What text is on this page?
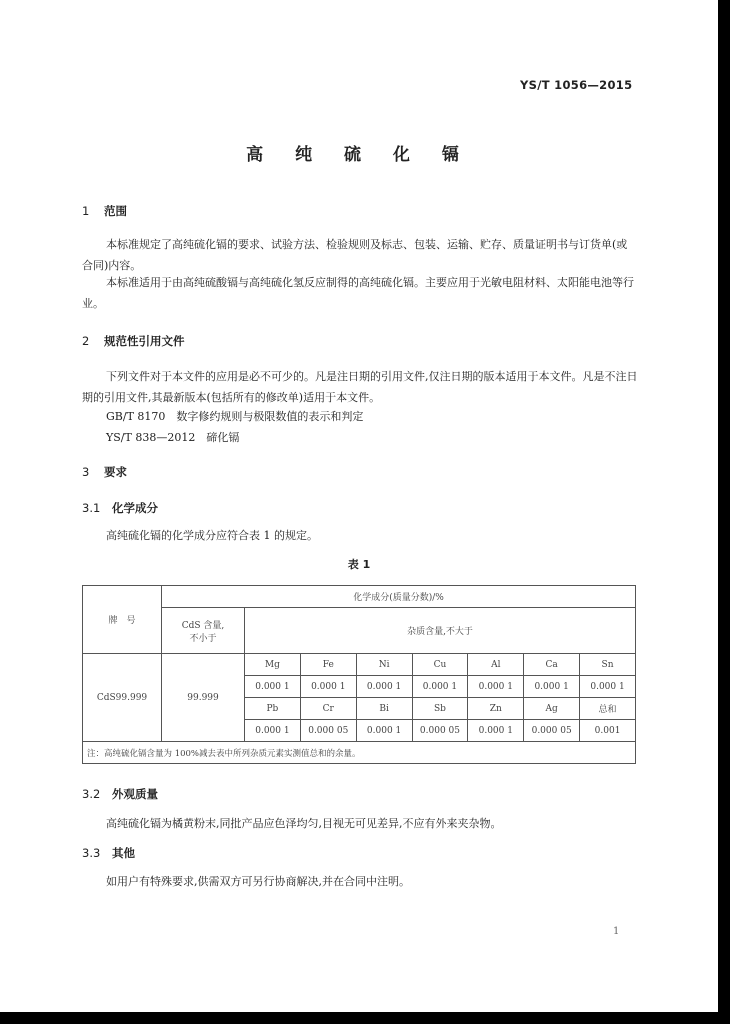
YS/T 1056—2015
高 纯 硫 化 镉
1 范围
本标准规定了高纯硫化镉的要求、试验方法、检验规则及标志、包装、运输、贮存、质量证明书与订货单(或合同)内容。
本标准适用于由高纯硫酸镉与高纯硫化氢反应制得的高纯硫化镉。主要应用于光敏电阻材料、太阳能电池等行业。
2 规范性引用文件
下列文件对于本文件的应用是必不可少的。凡是注日期的引用文件,仅注日期的版本适用于本文件。凡是不注日期的引用文件,其最新版本(包括所有的修改单)适用于本文件。
GB/T 8170　数字修约规则与极限数值的表示和判定
YS/T 838—2012　碲化镉
3 要求
3.1 化学成分
高纯硫化镉的化学成分应符合表 1 的规定。
表 1
牌　号	化学成分(质量分数)/%							

	CdS 含量,
不小于	杂质含量,不大于						
CdS99.999	99.999	Mg	Fe	Ni	Cu	Al	Ca	Sn
		0.000 1	0.000 1	0.000 1	0.000 1	0.000 1	0.000 1	0.000 1
		Pb	Cr	Bi	Sb	Zn	Ag	总和
		0.000 1	0.000 05	0.000 1	0.000 05	0.000 1	0.000 05	0.001
注：高纯硫化镉含量为 100%减去表中所列杂质元素实测值总和的余量。								
3.2 外观质量
高纯硫化镉为橘黄粉末,同批产品应色泽均匀,目视无可见差异,不应有外来夹杂物。
3.3 其他
如用户有特殊要求,供需双方可另行协商解决,并在合同中注明。
1
